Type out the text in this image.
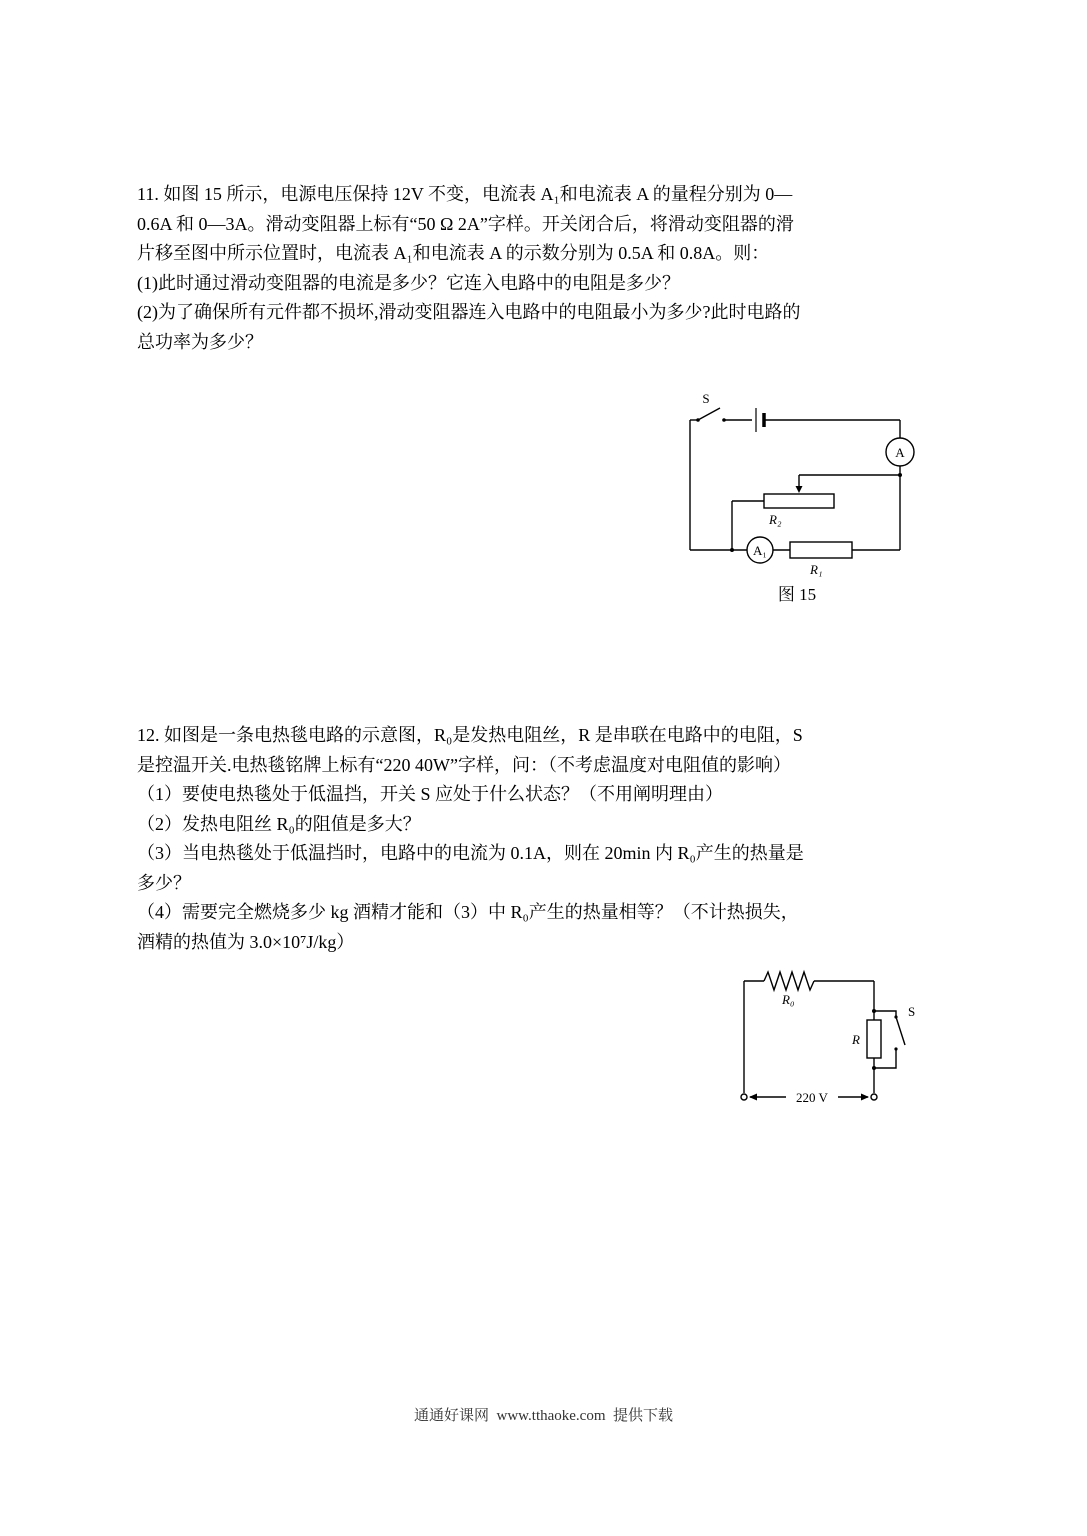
11. 如图 15 所示，电源电压保持 12V 不变，电流表 A₁和电流表 A 的量程分别为 0—
0.6A 和 0—3A。滑动变阻器上标有“50 Ω 2A”字样。开关闭合后，将滑动变阻器的滑
片移至图中所示位置时，电流表 A₁和电流表 A 的示数分别为 0.5A 和 0.8A。则：
(1)此时通过滑动变阻器的电流是多少？它连入电路中的电阻是多少？
(2)为了确保所有元件都不损坏,滑动变阻器连入电路中的电阻最小为多少?此时电路的
总功率为多少？
S
A
A₁
R₂
R₁
图 15
12. 如图是一条电热毯电路的示意图，R₀是发热电阻丝，R 是串联在电路中的电阻，S
是控温开关.电热毯铭牌上标有“220 40W”字样，问：（不考虑温度对电阻值的影响）
（1）要使电热毯处于低温挡，开关 S 应处于什么状态？（不用阐明理由）
（2）发热电阻丝 R₀的阻值是多大？
（3）当电热毯处于低温挡时，电路中的电流为 0.1A，则在 20min 内 R₀产生的热量是
多少？
（4）需要完全燃烧多少 kg 酒精才能和（3）中 R₀产生的热量相等？（不计热损失，
酒精的热值为 3.0×10⁷J/kg）
R₀
R
S
220 V
通通好课网  www.tthaoke.com  提供下载
